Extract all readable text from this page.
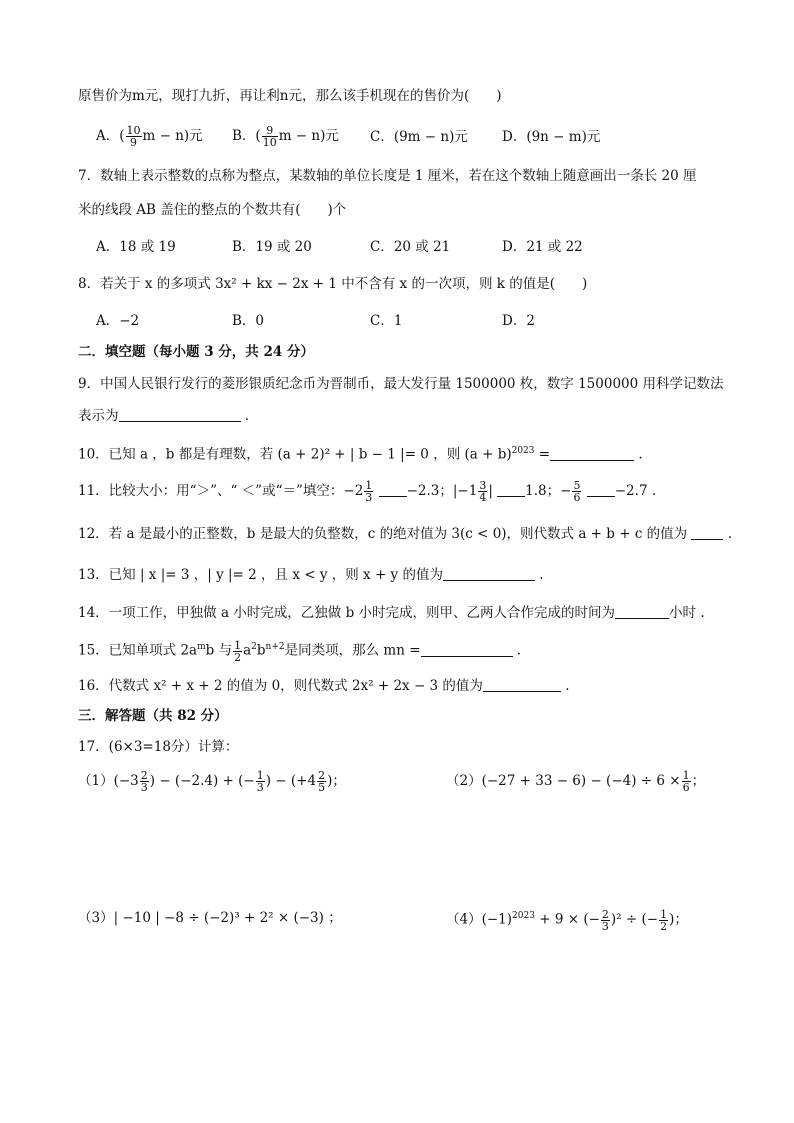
原售价为m元，现打九折，再让利n元，那么该手机现在的售价为(　　)
A．( $\frac{10}{9}$ m − n)元 B．( $\frac{9}{10}$ m − n)元 C．(9m − n)元	D．(9n − m)元
7．数轴上表示整数的点称为整点，某数轴的单位长度是 1 厘米，若在这个数轴上随意画出一条长 20 厘
米的线段 AB 盖住的整点的个数共有(　　)个
A．18 或 19	B．19 或 20	C．20 或 21	D．21 或 22
8．若关于 x 的多项式 3x² + kx − 2x + 1 中不含有 x 的一次项，则 k 的值是(　　)
A．−2	B．0	C．1	D．2
二．填空题（每小题 3 分，共 24 分）
9．中国人民银行发行的菱形银质纪念币为晋制币，最大发行量 1500000 枚，数字 1500000 用科学记数法
表示为	.
10．已知 a ，b 都是有理数，若 (a + 2)² + | b − 1 |= 0 ，则 $(a + b)^{2023}$ =	.
11．比较大小：用“＞”、“ ＜”或“＝”填空：$-2 \frac{1}{3} -2.3$；$|-1 \frac{3}{4}$ | 1.8；− $\frac{5}{6} -2.7$ .
12．若 a 是最小的正整数，b 是最大的负整数，c 的绝对值为 3(c < 0)，则代数式 a + b + c 的值为	.
13．已知 | x |= 3 ，| y |= 2 ，且 x < y ，则 x + y 的值为	.
14．一项工作，甲独做 a 小时完成，乙独做 b 小时完成，则甲、乙两人合作完成的时间为	小时 .
15．已知单项式 $2a^mb$ 与 $\frac{1}{2} a^2b^{n+2}$是同类项，那么 mn =	.
16．代数式 x² + x + 2 的值为 0，则代数式 2x² + 2x − 3 的值为	.
三．解答题（共 82 分）
17．(6×3=18分）计算：
$(1)(-3 \frac{2}{3}$ ) − (−2.4) + (− $\frac{1}{3}$ ) − ($+4 \frac{2}{5}$ )；	$(2)(-27 + 33 - 6) - (-4) \div 6 \times \frac{1}{6}$ ；
（3）| −10 | −8 ÷ (−2)³ + 2² × (−3) ；	$(4)(-1)^{2023} + 9$ × (− $\frac{2}{3} )^2$ ÷ (− $\frac{1}{2}$ )；
